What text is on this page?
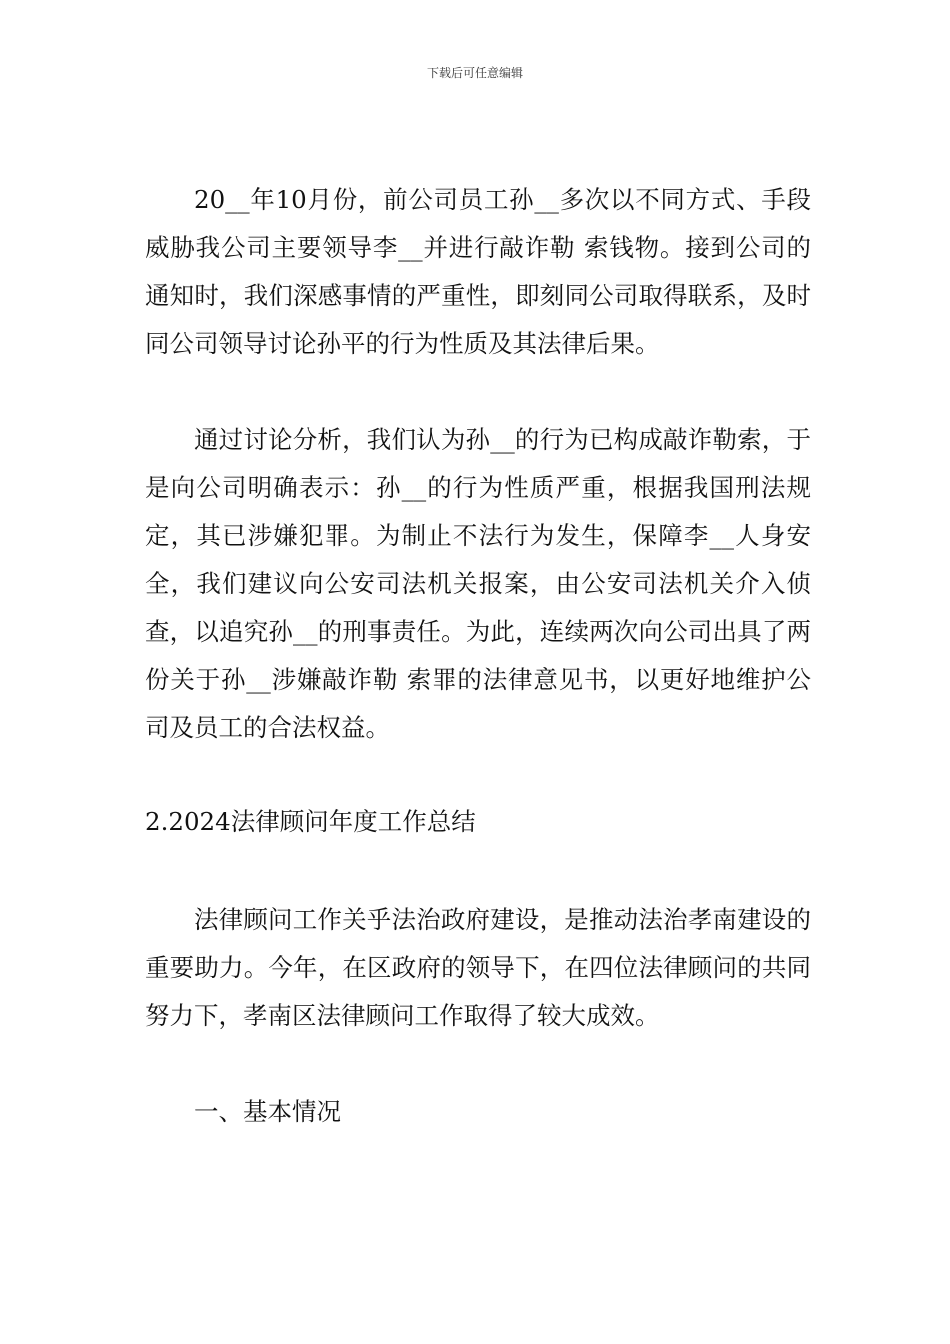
下载后可任意编辑

20__年10月份，前公司员工孙__多次以不同方式、手段威胁我公司主要领导李__并进行敲诈勒 索钱物。接到公司的通知时，我们深感事情的严重性，即刻同公司取得联系，及时同公司领导讨论孙平的行为性质及其法律后果。

通过讨论分析，我们认为孙__的行为已构成敲诈勒索，于是向公司明确表示：孙__的行为性质严重，根据我国刑法规定，其已涉嫌犯罪。为制止不法行为发生，保障李__人身安全，我们建议向公安司法机关报案，由公安司法机关介入侦查，以追究孙__的刑事责任。为此，连续两次向公司出具了两份关于孙__涉嫌敲诈勒 索罪的法律意见书，以更好地维护公司及员工的合法权益。

2.2024法律顾问年度工作总结

法律顾问工作关乎法治政府建设，是推动法治孝南建设的重要助力。今年，在区政府的领导下，在四位法律顾问的共同努力下，孝南区法律顾问工作取得了较大成效。

一、基本情况
